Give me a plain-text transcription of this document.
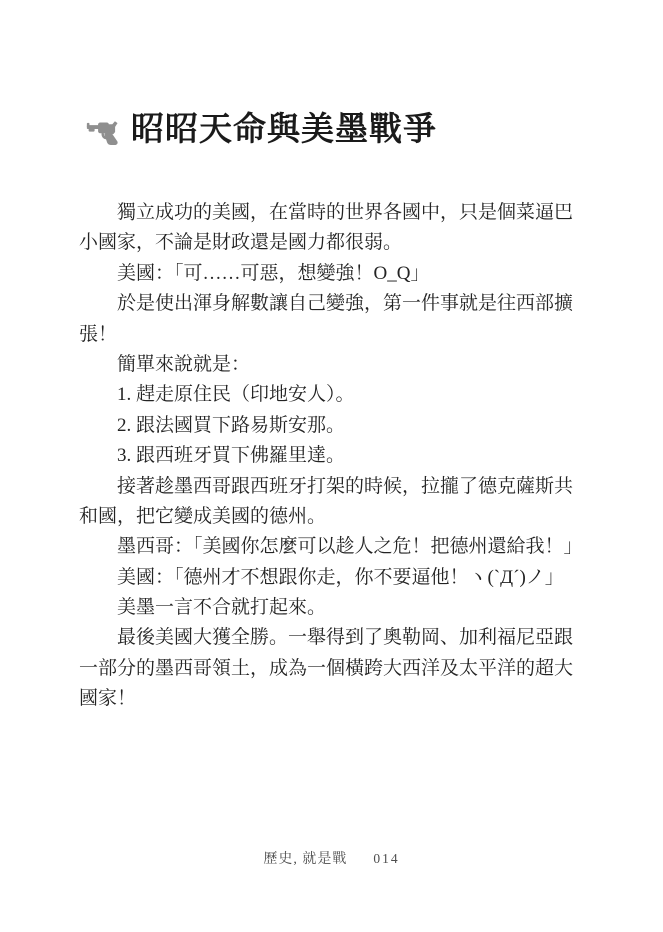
昭昭天命與美墨戰爭
獨立成功的美國，在當時的世界各國中，只是個菜逼巴
小國家，不論是財政還是國力都很弱。
美國：「可……可惡，想變強！O_Q」
於是使出渾身解數讓自己變強，第一件事就是往西部擴
張！
簡單來說就是：
1. 趕走原住民（印地安人）。
2. 跟法國買下路易斯安那。
3. 跟西班牙買下佛羅里達。
接著趁墨西哥跟西班牙打架的時候，拉攏了德克薩斯共
和國，把它變成美國的德州。
墨西哥：「美國你怎麼可以趁人之危！把德州還給我！」
美國：「德州才不想跟你走，你不要逼他！ヽ(`Д´)ノ」
美墨一言不合就打起來。
最後美國大獲全勝。一舉得到了奧勒岡、加利福尼亞跟
一部分的墨西哥領土，成為一個橫跨大西洋及太平洋的超大
國家！
歷史, 就是戰 014
